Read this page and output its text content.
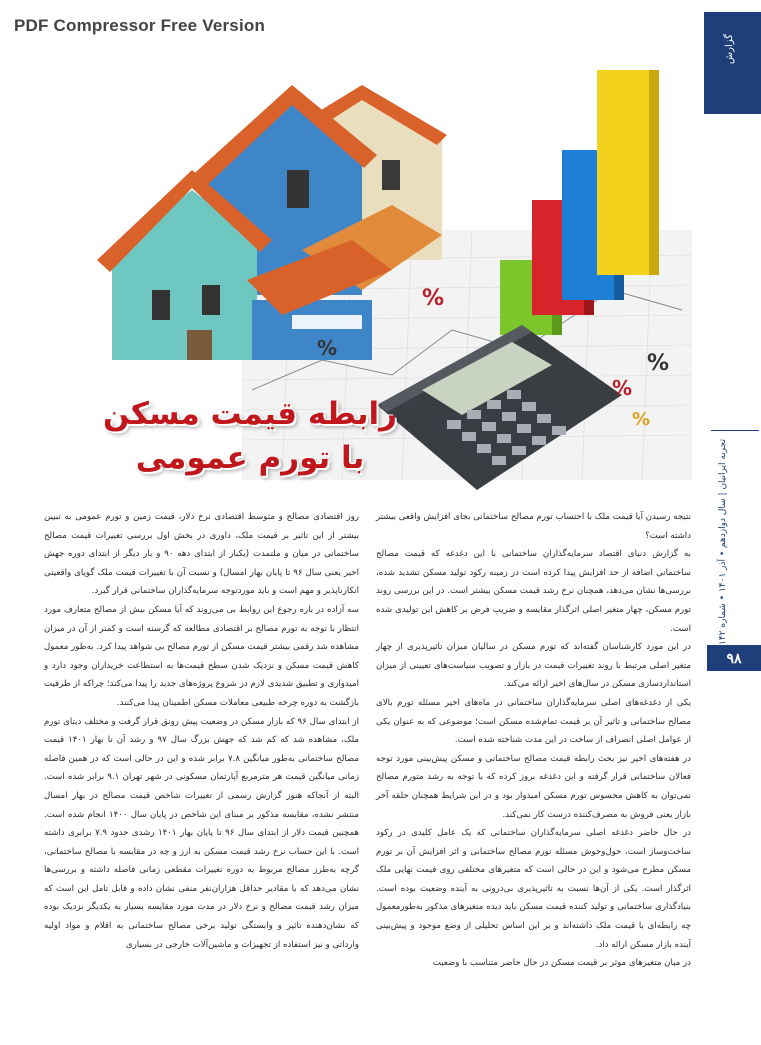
PDF Compressor Free Version
گزارش
%
%
%
%
%
رابطه قیمت مسکن
با تورم عمومی
تجربه ایرانیان | سال دوازدهم • آذر ۱۴۰۱ • شماره ۱۴۲
۹۸

نتیجه رسیدن آیا قیمت ملک با احتساب تورم مصالح ساختمانی بجای افزایش واقعی بیشتر داشته است؟

به گزارش دنیای اقتصاد سرمایه‌گذاران ساختمانی با این دغدغه که قیمت مصالح ساختمانی اضافه از حد افزایش پیدا کرده است در زمینه رکود تولید مسکن تشدید شده، بررسی‌ها نشان می‌دهد، همچنان نرخ رشد قیمت مسکن بیشتر است. در این بررسی روند تورم مسکن، چهار متغیر اصلی اثرگذار مقایسه و ضریب فرض بر کاهش این تولیدی شده است.

در این مورد کارشناسان گفته‌اند که تورم مسکن در سالیان میزان تاثیرپذیری از چهار متغیر اصلی مرتبط با روند تغییرات قیمت در بازار و تصویب سیاست‌های تعیینی از میزان استانداردسازی مسکن در سال‌های اخیر ارائه می‌کند.

یکی از دغدغه‌های اصلی سرمایه‌گذاران ساختمانی در ماه‌های اخیر مسئله تورم بالای مصالح ساختمانی و تاثیر آن بر قیمت تمام‌شده مسکن است؛ موضوعی که به عنوان یکی از عوامل اصلی انصراف از ساخت در این مدت شناخته شده است.

در هفته‌های اخیر نیز بحث رابطه قیمت مصالح ساختمانی و مسکن پیش‌بینی مورد توجه فعالان ساختمانی قرار گرفته و این دغدغه بروز کرده که با توجه به رشد متورم مصالح نمی‌توان به کاهش محسوس تورم مسکن امیدوار بود و در این شرایط همچنان حلقه آخر بازار یعنی فروش به مصرف‌کننده درست کار نمی‌کند.

در حال حاضر دغدغه اصلی سرمایه‌گذاران ساختمانی که یک عامل کلیدی در رکود ساخت‌وساز است، حول‌وحوش مسئله تورم مصالح ساختمانی و اثر افزایش آن بر تورم مسکن مطرح می‌شود و این در حالی است که متغیرهای مختلفی روی قیمت نهایی ملک اثرگذار است. یکی از آن‌ها نسبت به تاثیرپذیری بی‌درونی به آینده وضعیت بوده است. بنیادگذاری ساختمانی و تولید کننده قیمت مسکن باید دیده متغیرهای مذکور به‌طورمعمول چه رابطه‌ای با قیمت ملک داشته‌اند و بر این اساس تحلیلی از وضع موجود و پیش‌بینی آینده بازار مسکن ارائه داد.

در میان متغیرهای موثر بر قیمت مسکن در حال حاضر متناسب با وضعیت

روز اقتصادی مصالح و متوسط اقتصادی نرخ دلار، قیمت زمین و تورم عمومی به تبیین بیشتر از این تاثیر بر قیمت ملک، داوری در بخش اول بررسی تغییرات قیمت مصالح ساختمانی در میان و ملتمدت (یکبار از ابتدای دهه ۹۰ و بار دیگر از ابتدای دوره جهش اخیر یعنی سال ۹۶ تا پایان بهار امسال) و نسبت آن با تغییرات قیمت ملک گویای واقعیتی انکارناپذیر و مهم است و باید موردتوجه سرمایه‌گذاران ساختمانی قرار گیرد.

سه آزاده در باره رجوع این روابط بی می‌روند که آیا مسکن بیش از مصالح متعارف مورد انتظار با توجه به تورم مصالح بر اقتصادی مطالعه که گرسنه است و کمتر از آن در میزان مشاهده شد رقمی بیشتر قیمت مسکن از تورم مصالح بی شواهد پیدا کرد. به‌طور معمول کاهش قیمت مسکن و نزدیک شدن سطح قیمت‌ها به استطاعت خریداران وجود دارد و امیدواری و تطبیق شدیدی لازم در شروع پروژه‌های جدید را پیدا می‌کند؛ چراکه از ظرفیت بازگشت به دوره چرخه طبیعی معاملات مسکن اطمینان پیدا می‌کنند.

از ابتدای سال ۹۶ که بازار مسکن در وضعیت پیش رونق قرار گرفت و مختلف دیتای تورم ملک، مشاهده شد که کم شد که جهش بزرگ سال ۹۷ و رشد آن تا بهار ۱۴۰۱ قیمت مصالح ساختمانی به‌طور میانگین ۷.۸ برابر شده و این در حالی است که در همین فاصله زمانی میانگین قیمت هر مترمربع آپارتمان مسکونی در شهر تهران ۹.۱ برابر شده است. البته از آنجاکه هنوز گزارش رسمی از تغییرات شاخص قیمت مصالح در بهار امسال منتشر نشده، مقایسه مذکور بر مبنای این شاخص در پایان سال ۱۴۰۰ انجام شده است. همچنین قیمت دلار از ابتدای سال ۹۶ تا پایان بهار ۱۴۰۱ رشدی حدود ۷.۹ برابری داشته است. با این حساب نرخ رشد قیمت مسکن به ارز و چه در مقایسه با مصالح ساختمانی، گرچه به‌طرز مصالح مربوط به دوره تغییرات مقطعی زمانی فاصله داشته و بررسی‌ها نشان می‌دهد که با مقادیر حداقل هزاران‌نفر منفی نشان داده و قابل تامل این است که میزان رشد قیمت مصالح و نرخ دلار در مدت مورد مقایسه بسیار به یکدیگر نزدیک بوده که نشان‌دهنده تاثیر و وابستگی تولید برخی مصالح ساختمانی به اقلام و مواد اولیه وارداتی و نیز استفاده از تجهیزات و ماشین‌آلات خارجی در بسیاری
